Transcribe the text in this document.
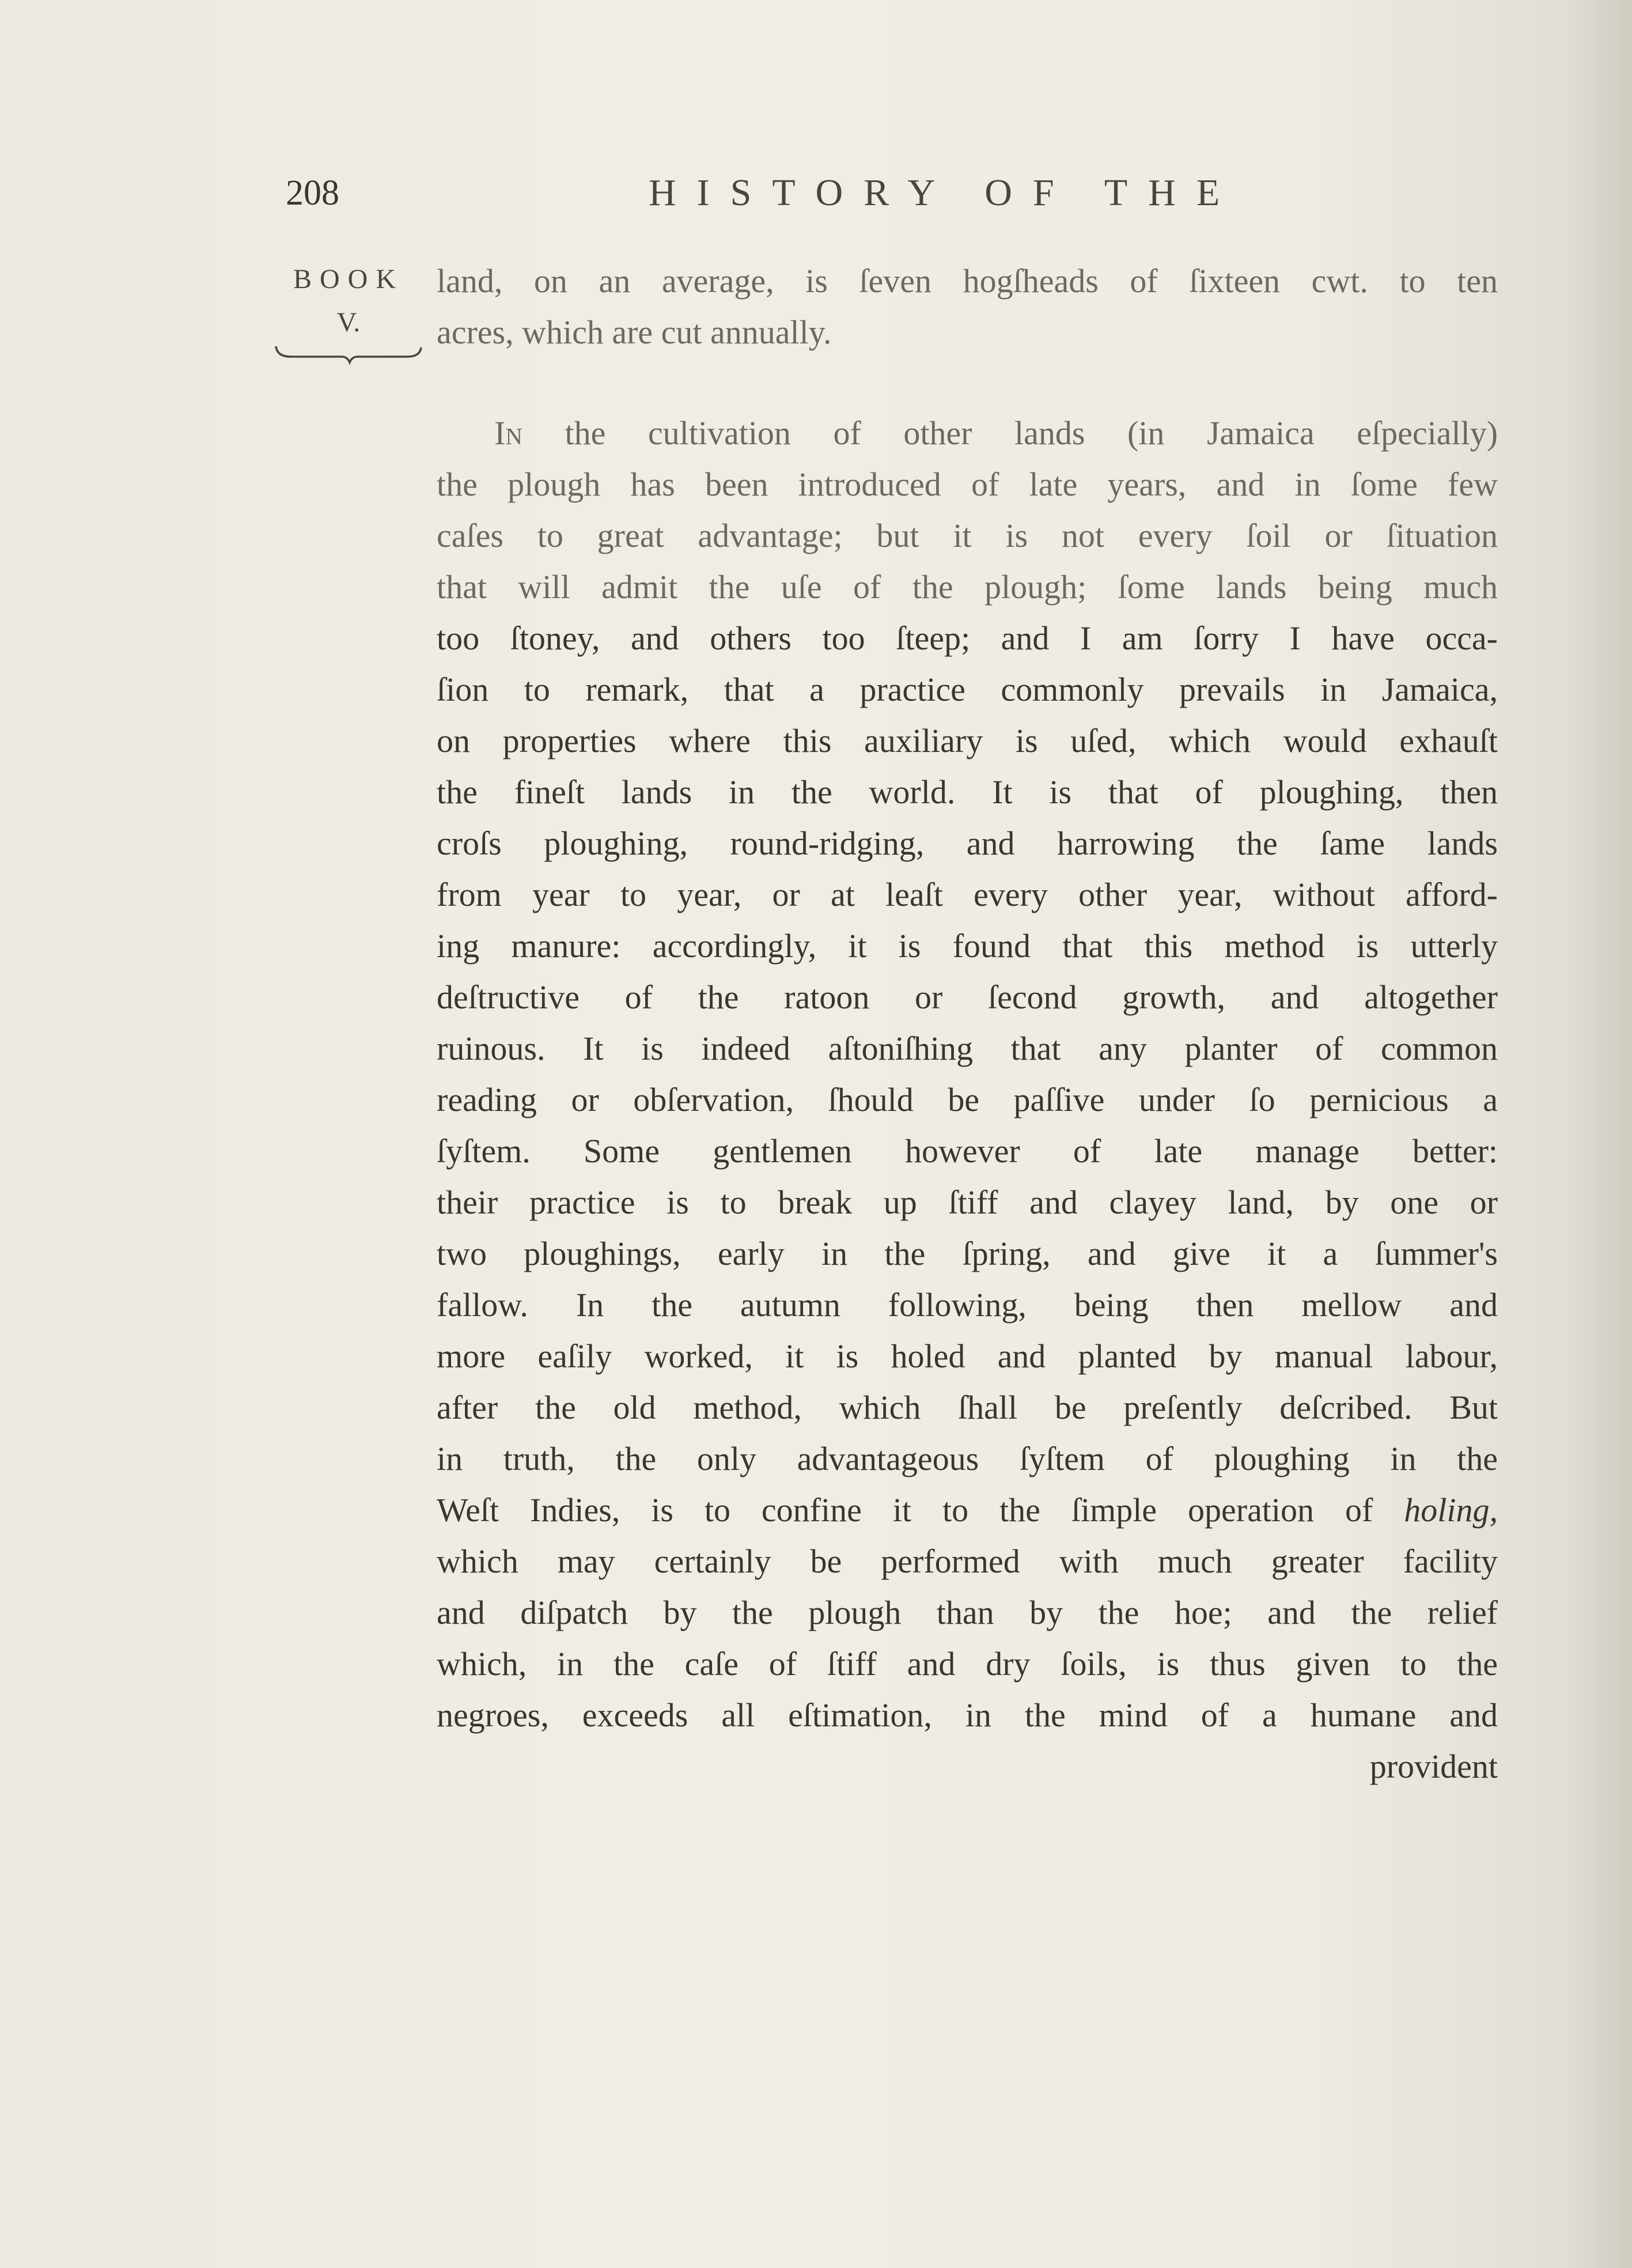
208	HISTORY OF THE
BOOK
V.
land, on an average, is ſeven hogſheads of ſixteen cwt. to ten
acres, which are cut annually.
In the cultivation of other lands (in Jamaica eſpecially)
the plough has been introduced of late years, and in ſome few
caſes to great advantage; but it is not every ſoil or ſituation
that will admit the uſe of the plough; ſome lands being much
too ſtoney, and others too ſteep; and I am ſorry I have occa-
ſion to remark, that a practice commonly prevails in Jamaica,
on properties where this auxiliary is uſed, which would exhauſt
the fineſt lands in the world. It is that of ploughing, then
croſs ploughing, round-ridging, and harrowing the ſame lands
from year to year, or at leaſt every other year, without afford-
ing manure: accordingly, it is found that this method is utterly
deſtructive of the ratoon or ſecond growth, and altogether
ruinous. It is indeed aſtoniſhing that any planter of common
reading or obſervation, ſhould be paſſive under ſo pernicious a
ſyſtem. Some gentlemen however of late manage better:
their practice is to break up ſtiff and clayey land, by one or
two ploughings, early in the ſpring, and give it a ſummer's
fallow. In the autumn following, being then mellow and
more eaſily worked, it is holed and planted by manual labour,
after the old method, which ſhall be preſently deſcribed. But
in truth, the only advantageous ſyſtem of ploughing in the
Weſt Indies, is to confine it to the ſimple operation of holing,
which may certainly be performed with much greater facility
and diſpatch by the plough than by the hoe; and the relief
which, in the caſe of ſtiff and dry ſoils, is thus given to the
negroes, exceeds all eſtimation, in the mind of a humane and
provident
